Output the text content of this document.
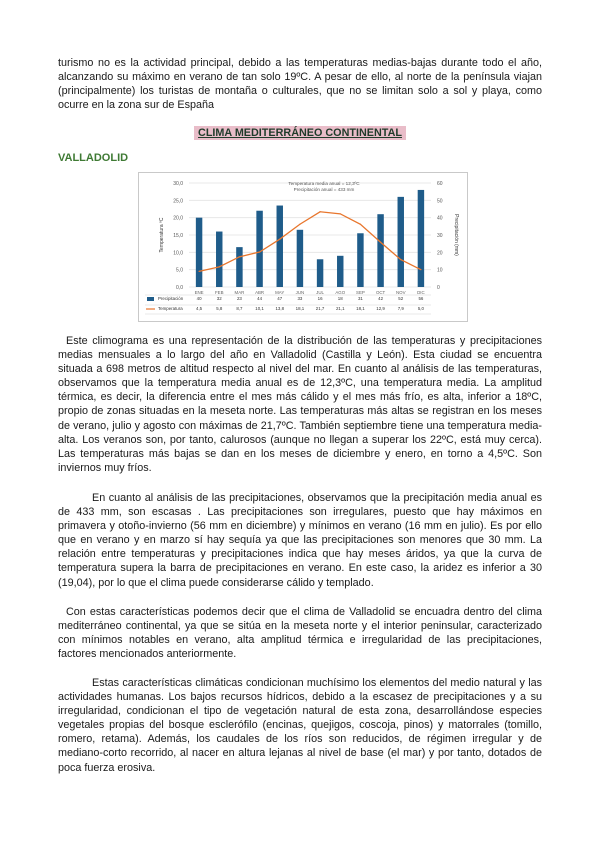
turismo no es la actividad principal, debido a las temperaturas medias-bajas durante todo el año, alcanzando su máximo en verano de tan solo 19ºC. A pesar de ello, al norte de la península viajan (principalmente) los turistas de montaña o culturales, que no se limitan solo a sol y playa, como ocurre en la zona sur de España

CLIMA MEDITERRÁNEO CONTINENTAL
VALLADOLID
30,0
25,0
20,0
15,0
10,0
5,0
0,0
60
50
40
30
20
10
0
Temperatura ºC	Precipitación (mm)
Temperatura media anual = 12,3ºC
Precipitación anual = 433 mm
ENE	FEB	MAR ABR	MAY	JUN	JUL	AGO SEP	OCT NOV	DIC
Precipitación	40	32	23	44	47	33	16	18	31	42	52	56
Temperatura	4,5	5,8	8,7	10,1	13,8	18,1	21,7	21,1	18,1	12,9	7,9	5,0

Este climograma es una representación de la distribución de las temperaturas y precipitaciones medias mensuales a lo largo del año en Valladolid (Castilla y León). Esta ciudad se encuentra situada a 698 metros de altitud respecto al nivel del mar. En cuanto al análisis de las temperaturas, observamos que la temperatura media anual es de 12,3ºC, una temperatura media. La amplitud térmica, es decir, la diferencia entre el mes más cálido y el mes más frío, es alta, inferior a 18ºC, propio de zonas situadas en la meseta norte. Las temperaturas más altas se registran en los meses de verano, julio y agosto con máximas de 21,7ºC. También septiembre tiene una temperatura media-alta. Los veranos son, por tanto, calurosos (aunque no llegan a superar los 22ºC, está muy cerca). Las temperaturas más bajas se dan en los meses de diciembre y enero, en torno a 4,5ºC. Son inviernos muy fríos.

En cuanto al análisis de las precipitaciones, observamos que la precipitación media anual es de 433 mm, son escasas . Las precipitaciones son irregulares, puesto que hay máximos en primavera y otoño-invierno (56 mm en diciembre) y mínimos en verano (16 mm en julio). Es por ello que en verano y en marzo sí hay sequía ya que las precipitaciones son menores que 30 mm. La relación entre temperaturas y precipitaciones indica que hay meses áridos, ya que la curva de temperatura supera la barra de precipitaciones en verano. En este caso, la aridez es inferior a 30 (19,04), por lo que el clima puede considerarse cálido y templado.

Con estas características podemos decir que el clima de Valladolid se encuadra dentro del clima mediterráneo continental, ya que se sitúa en la meseta norte y el interior peninsular, caracterizado con mínimos notables en verano, alta amplitud térmica e irregularidad de las precipitaciones, factores mencionados anteriormente.

Estas características climáticas condicionan muchísimo los elementos del medio natural y las actividades humanas. Los bajos recursos hídricos, debido a la escasez de precipitaciones y a su irregularidad, condicionan el tipo de vegetación natural de esta zona, desarrollándose especies vegetales propias del bosque esclerófilo (encinas, quejigos, coscoja, pinos) y matorrales (tomillo, romero, retama). Además, los caudales de los ríos son reducidos, de régimen irregular y de mediano-corto recorrido, al nacer en altura lejanas al nivel de base (el mar) y por tanto, dotados de poca fuerza erosiva.
